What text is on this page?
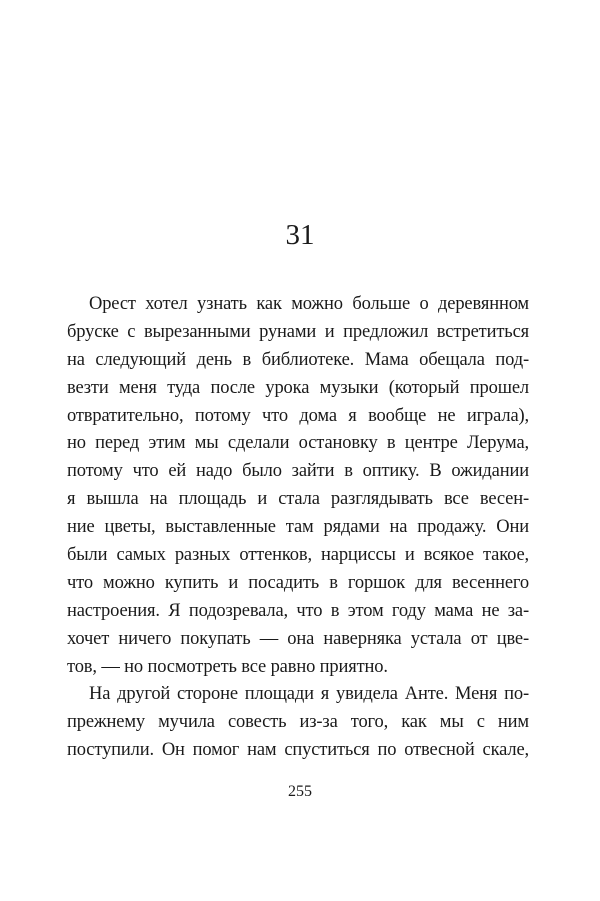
31
Орест хотел узнать как можно больше о деревянном
бруске с вырезанными рунами и предложил встретиться
на следующий день в библиотеке. Мама обещала под-
везти меня туда после урока музыки (который прошел
отвратительно, потому что дома я вообще не играла),
но перед этим мы сделали остановку в центре Лерума,
потому что ей надо было зайти в оптику. В ожидании
я вышла на площадь и стала разглядывать все весен-
ние цветы, выставленные там рядами на продажу. Они
были самых разных оттенков, нарциссы и всякое такое,
что можно купить и посадить в горшок для весеннего
настроения. Я подозревала, что в этом году мама не за-
хочет ничего покупать — она наверняка устала от цве-
тов, — но посмотреть все равно приятно.
На другой стороне площади я увидела Анте. Меня по-
прежнему мучила совесть из-за того, как мы с ним
поступили. Он помог нам спуститься по отвесной скале,
255
